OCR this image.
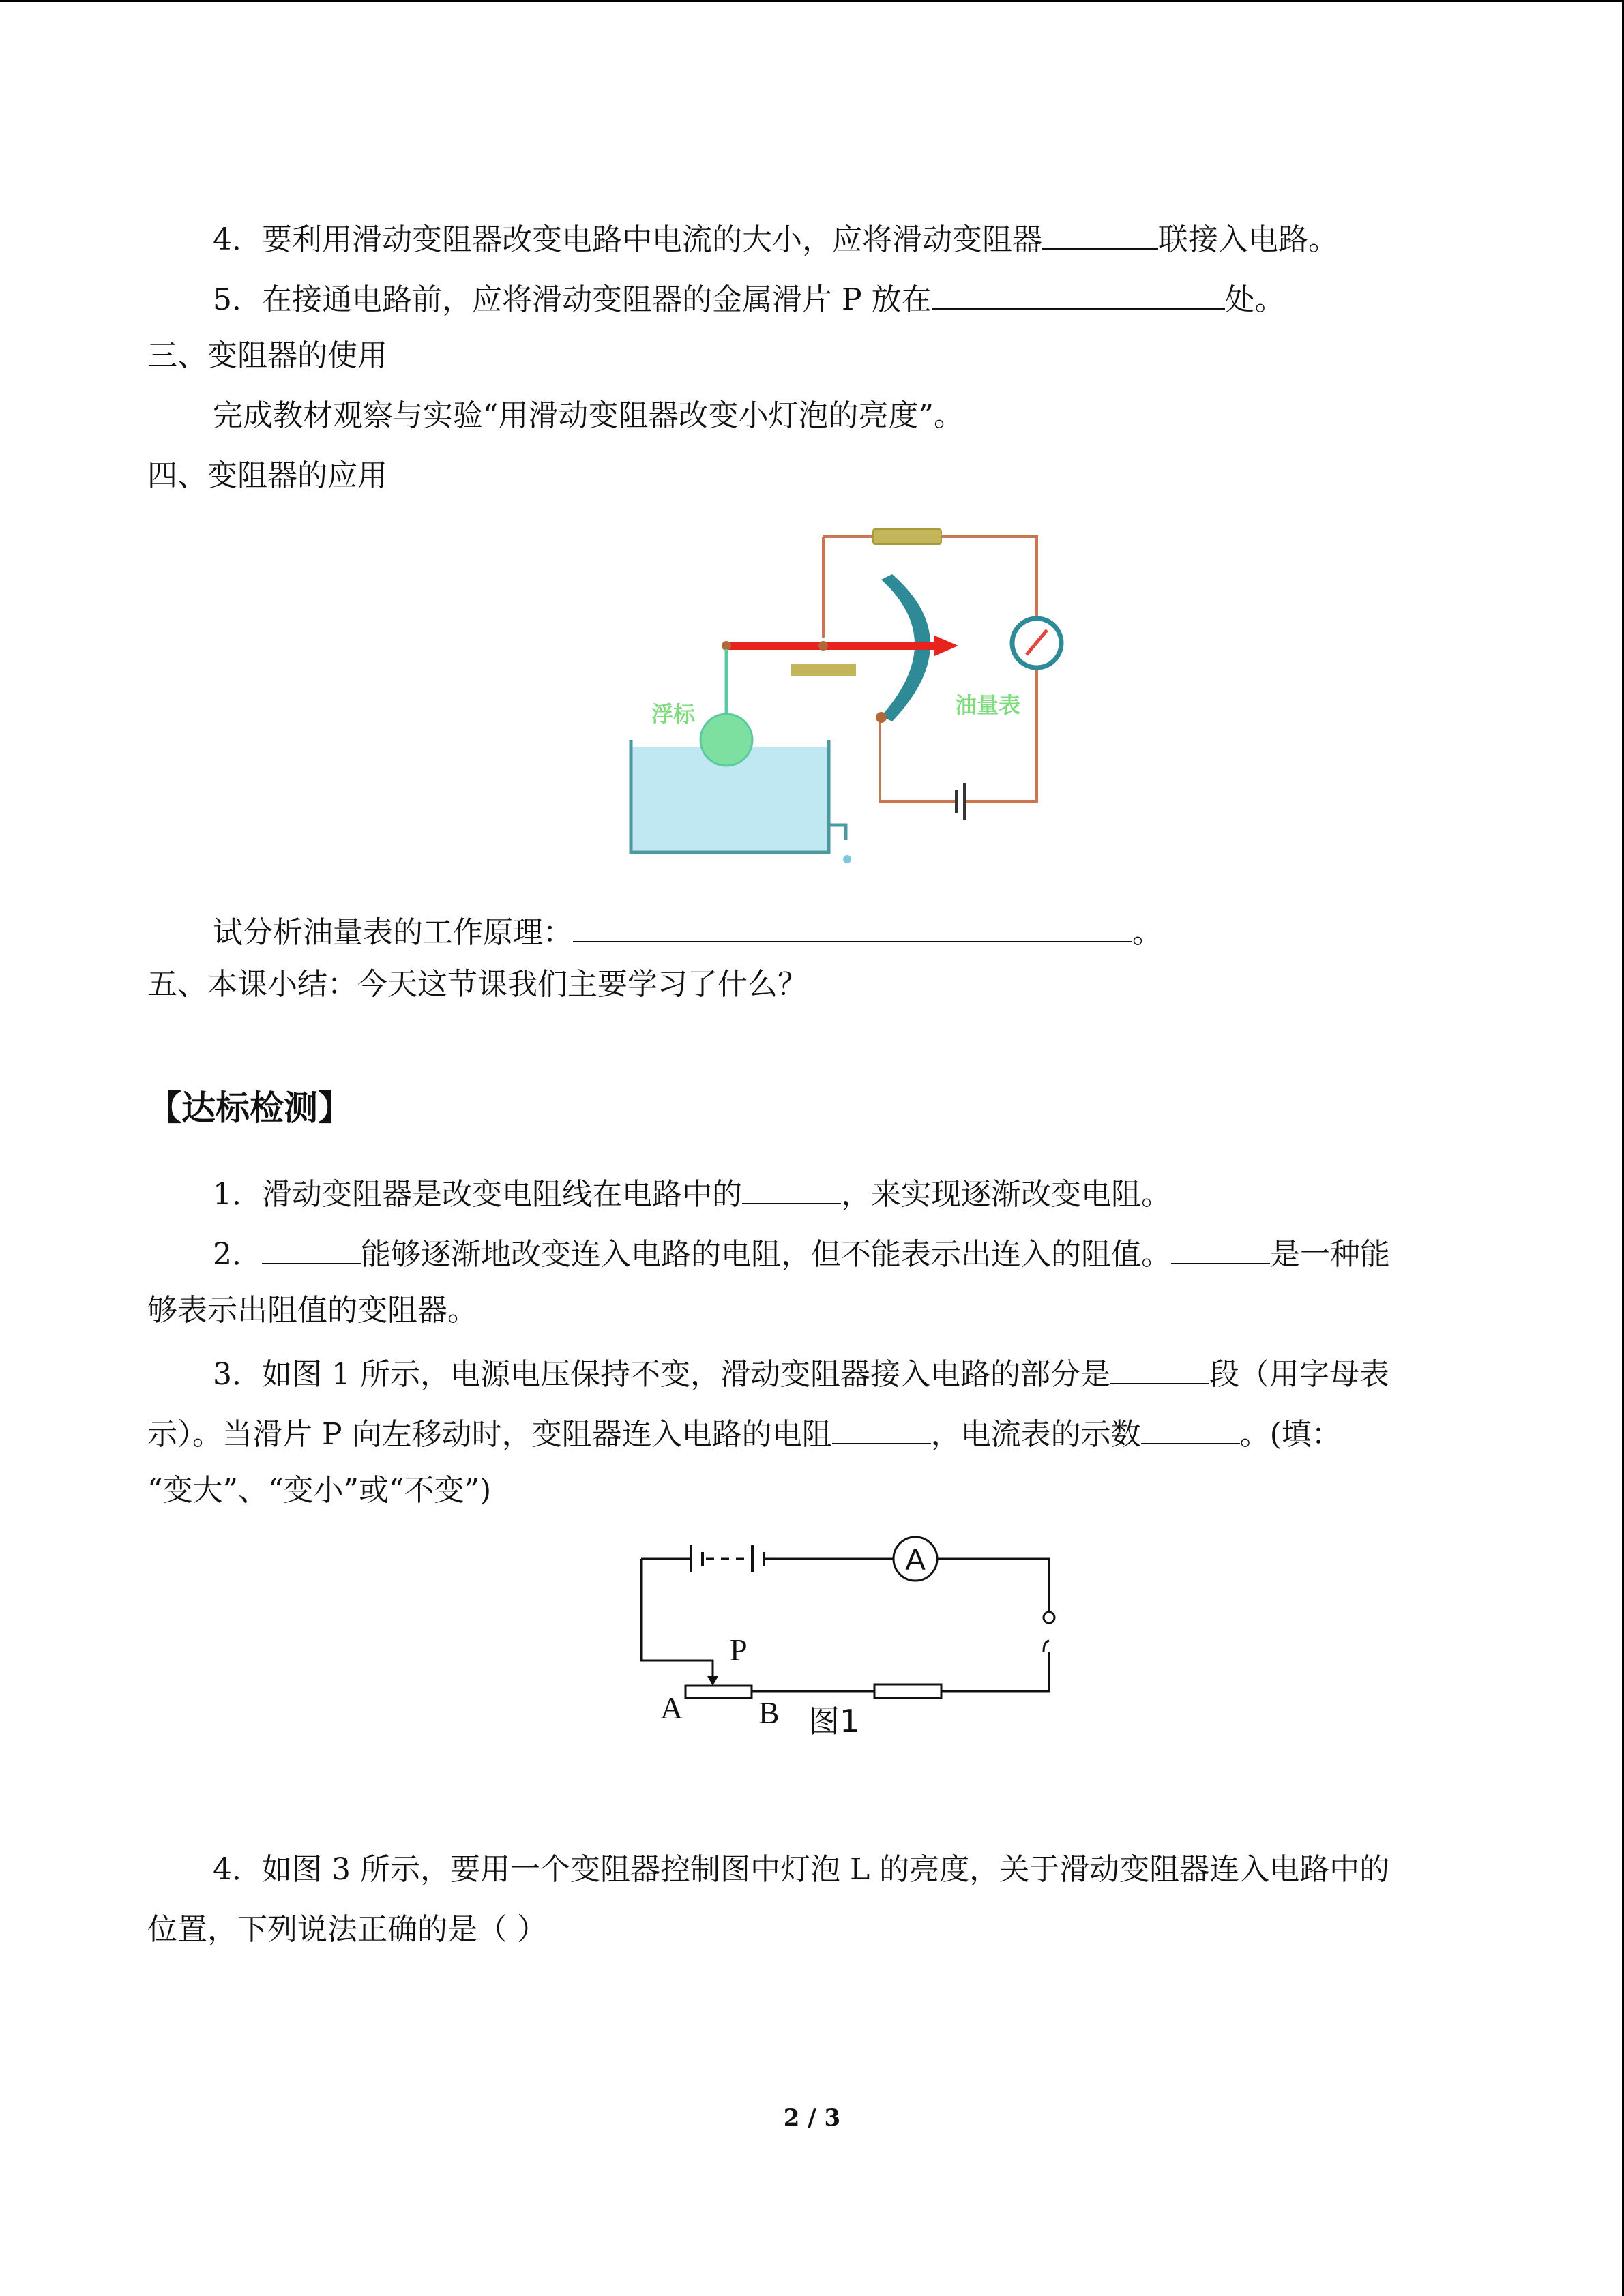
4．要利用滑动变阻器改变电路中电流的大小，应将滑动变阻器	联接入电路。
5．在接通电路前，应将滑动变阻器的金属滑片 P 放在	处。
三、变阻器的使用
完成教材观察与实验“用滑动变阻器改变小灯泡的亮度”。
四、变阻器的应用
浮标	油量表
试分析油量表的工作原理：	。
五、本课小结：今天这节课我们主要学习了什么？
【达标检测】
1．滑动变阻器是改变电阻线在电路中的	，来实现逐渐改变电阻。
2．	能够逐渐地改变连入电路的电阻，但不能表示出连入的阻值。	是一种能
够表示出阻值的变阻器。
3．如图 1 所示，电源电压保持不变，滑动变阻器接入电路的部分是	段（用字母表
示）。当滑片 P 向左移动时，变阻器连入电路的电阻	，电流表的示数	。(填：
“变大”、“变小”或“不变”)
A
P
A B 图1
4．如图 3 所示，要用一个变阻器控制图中灯泡 L 的亮度，关于滑动变阻器连入电路中的
位置，下列说法正确的是（ ）
2 / 3
